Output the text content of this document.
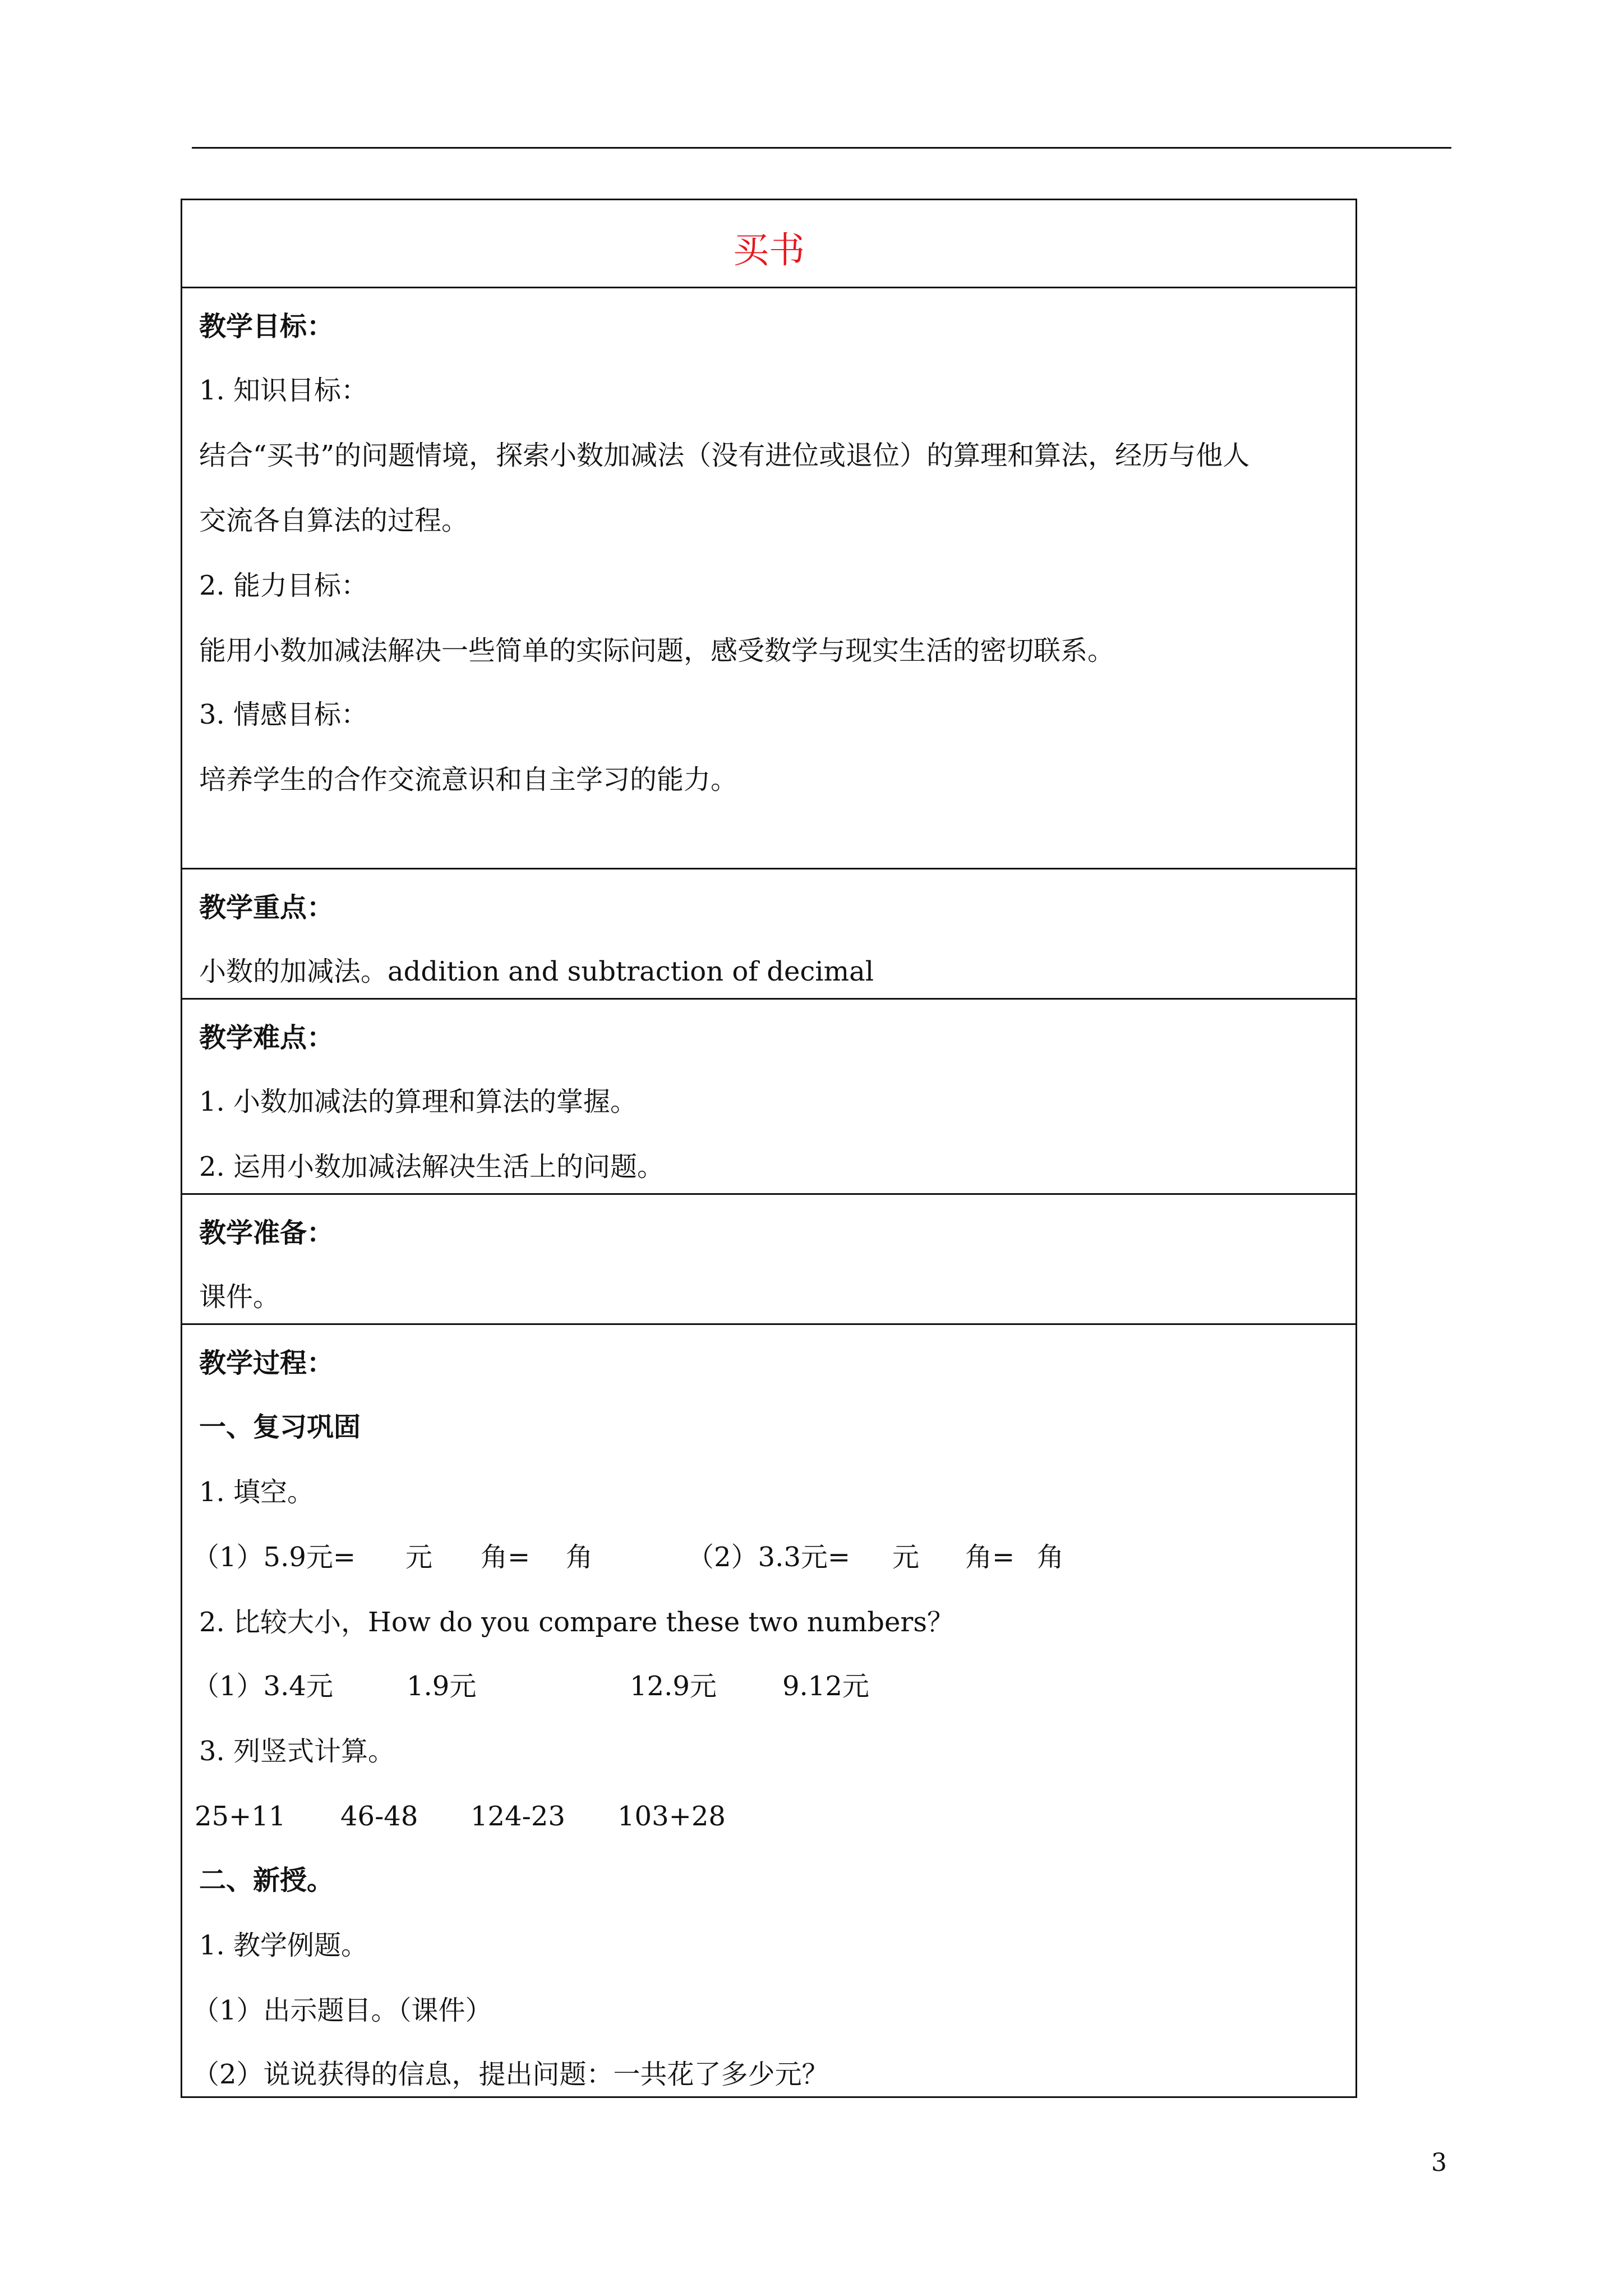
买书
教学目标：
1. 知识目标：
结合“买书”的问题情境，探索小数加减法（没有进位或退位）的算理和算法，经历与他人
交流各自算法的过程。
2. 能力目标：
能用小数加减法解决一些简单的实际问题，感受数学与现实生活的密切联系。
3. 情感目标：
培养学生的合作交流意识和自主学习的能力。
教学重点：
小数的加减法。addition and subtraction of decimal
教学难点：
1. 小数加减法的算理和算法的掌握。
2. 运用小数加减法解决生活上的问题。
教学准备：
课件。
教学过程：
一、复习巩固
1. 填空。
（1）5.9元= 元 角= 角	（2）3.3元= 元 角= 角
2. 比较大小，How do you compare these two numbers？
（1）3.4元	1.9元	12.9元 9.12元
3. 列竖式计算。
25+11 46-48 124-23 103+28
二、新授。
1. 教学例题。
（1）出示题目。（课件）
（2）说说获得的信息，提出问题：一共花了多少元？
3
